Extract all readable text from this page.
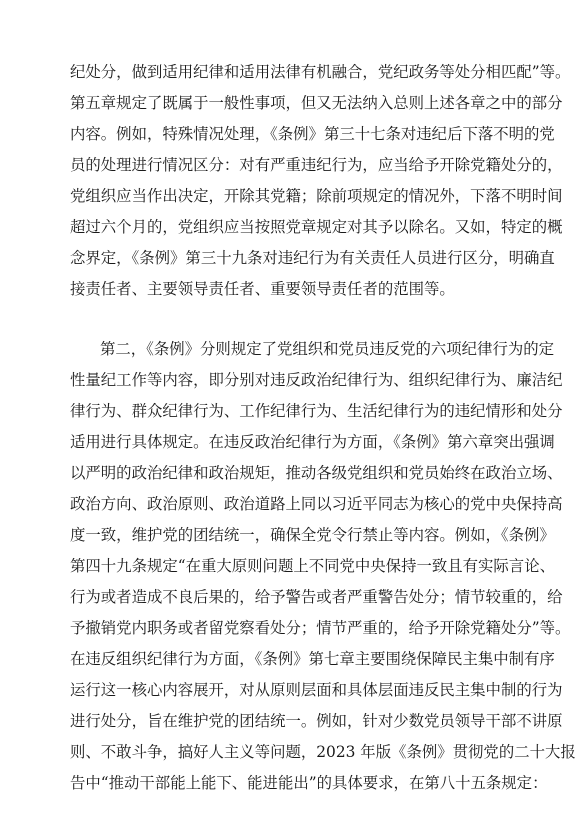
纪处分，做到适用纪律和适用法律有机融合，党纪政务等处分相匹配”等。
第五章规定了既属于一般性事项，但又无法纳入总则上述各章之中的部分
内容。例如，特殊情况处理，《条例》第三十七条对违纪后下落不明的党
员的处理进行情况区分：对有严重违纪行为，应当给予开除党籍处分的，
党组织应当作出决定，开除其党籍；除前项规定的情况外，下落不明时间
超过六个月的，党组织应当按照党章规定对其予以除名。又如，特定的概
念界定，《条例》第三十九条对违纪行为有关责任人员进行区分，明确直
接责任者、主要领导责任者、重要领导责任者的范围等。
第二，《条例》分则规定了党组织和党员违反党的六项纪律行为的定
性量纪工作等内容，即分别对违反政治纪律行为、组织纪律行为、廉洁纪
律行为、群众纪律行为、工作纪律行为、生活纪律行为的违纪情形和处分
适用进行具体规定。在违反政治纪律行为方面，《条例》第六章突出强调
以严明的政治纪律和政治规矩，推动各级党组织和党员始终在政治立场、
政治方向、政治原则、政治道路上同以习近平同志为核心的党中央保持高
度一致，维护党的团结统一，确保全党令行禁止等内容。例如，《条例》
第四十九条规定“在重大原则问题上不同党中央保持一致且有实际言论、
行为或者造成不良后果的，给予警告或者严重警告处分；情节较重的，给
予撤销党内职务或者留党察看处分；情节严重的，给予开除党籍处分”等。
在违反组织纪律行为方面，《条例》第七章主要围绕保障民主集中制有序
运行这一核心内容展开，对从原则层面和具体层面违反民主集中制的行为
进行处分，旨在维护党的团结统一。例如，针对少数党员领导干部不讲原
则、不敢斗争，搞好人主义等问题，2023 年版《条例》贯彻党的二十大报
告中“推动干部能上能下、能进能出”的具体要求，在第八十五条规定：
